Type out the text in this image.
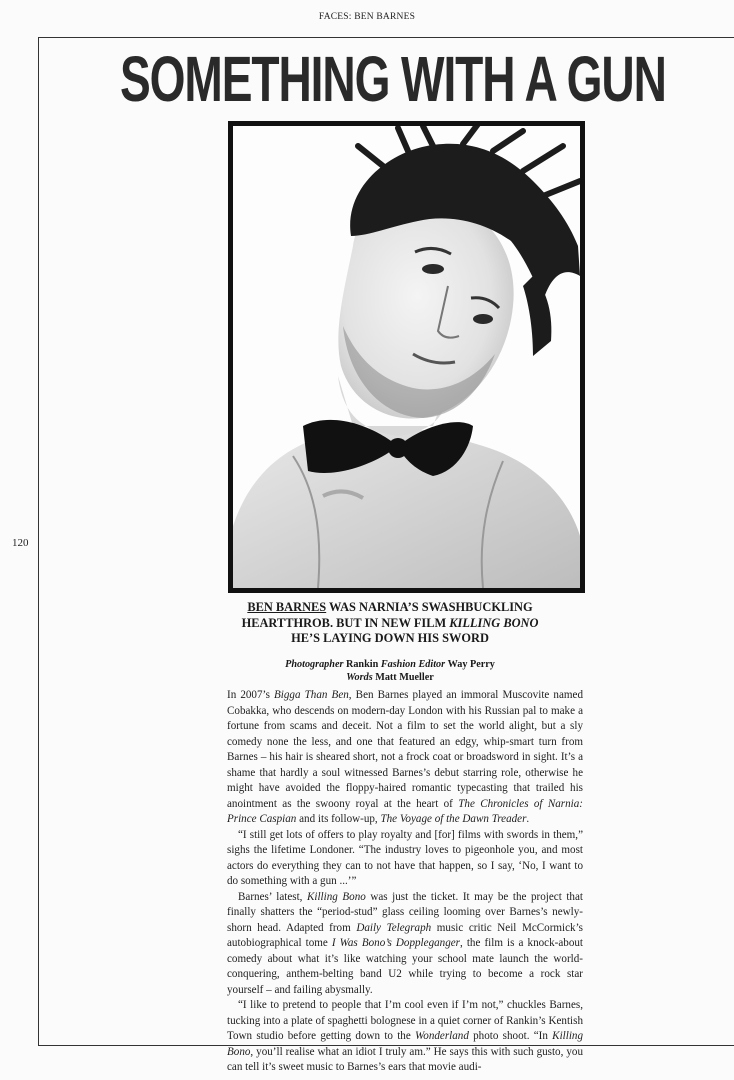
FACES: BEN BARNES
120
SOMETHING WITH A GUN
BEN BARNES WAS NARNIA’S SWASHBUCKLING
HEARTTHROB. BUT IN NEW FILM KILLING BONO
HE’S LAYING DOWN HIS SWORD
Photographer Rankin Fashion Editor Way Perry
Words Matt Mueller

In 2007’s Bigga Than Ben, Ben Barnes played an immoral Muscovite named Cobakka, who descends on modern-day London with his Russian pal to make a fortune from scams and deceit. Not a film to set the world alight, but a sly comedy none the less, and one that featured an edgy, whip-smart turn from Barnes – his hair is sheared short, not a frock coat or broadsword in sight. It’s a shame that hardly a soul witnessed Barnes’s debut starring role, otherwise he might have avoided the floppy-haired romantic typecasting that trailed his anointment as the swoony royal at the heart of The Chronicles of Narnia: Prince Caspian and its follow-up, The Voyage of the Dawn Treader.

“I still get lots of offers to play royalty and [for] films with swords in them,” sighs the lifetime Londoner. “The industry loves to pigeonhole you, and most actors do everything they can to not have that happen, so I say, ‘No, I want to do something with a gun ...’”

Barnes’ latest, Killing Bono was just the ticket. It may be the project that finally shatters the “period-stud” glass ceiling looming over Barnes’s newly-shorn head. Adapted from Daily Telegraph music critic Neil McCormick’s autobiographical tome I Was Bono’s Doppleganger, the film is a knock-about comedy about what it’s like watching your school mate launch the world-conquering, anthem-belting band U2 while trying to become a rock star yourself – and failing abysmally.

“I like to pretend to people that I’m cool even if I’m not,” chuckles Barnes, tucking into a plate of spaghetti bolognese in a quiet corner of Rankin’s Kentish Town studio before getting down to the Wonderland photo shoot. “In Killing Bono, you’ll realise what an idiot I truly am.” He says this with such gusto, you can tell it’s sweet music to Barnes’s ears that movie audi-
